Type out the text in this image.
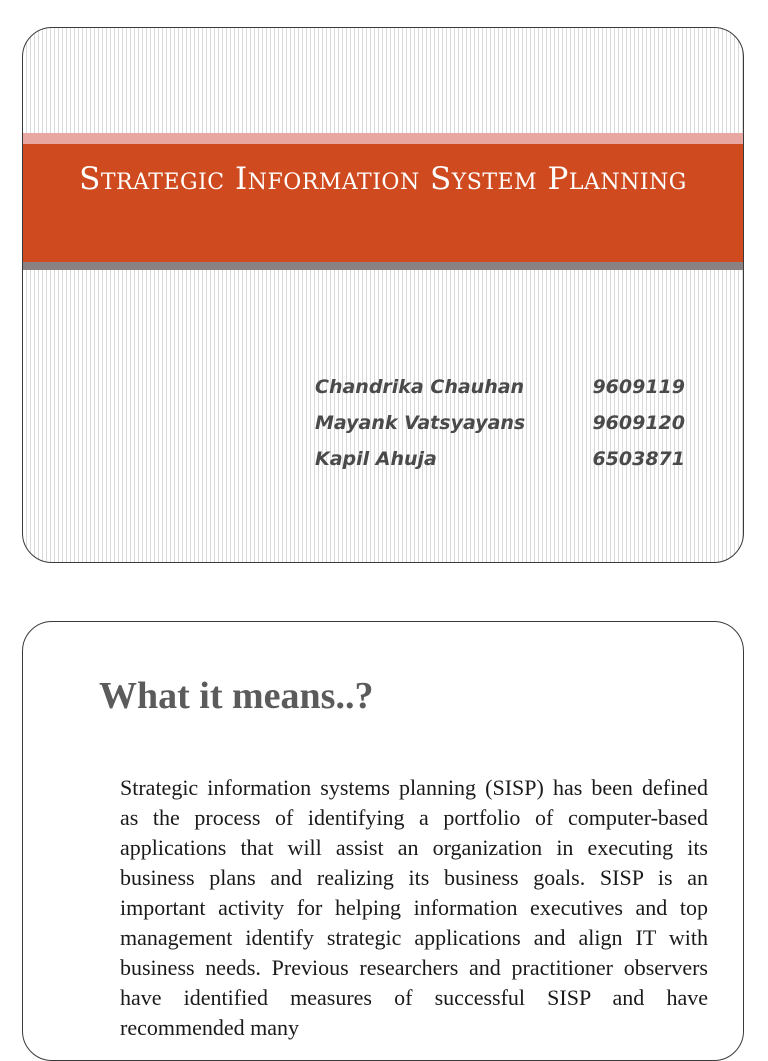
Strategic Information System Planning
Chandrika Chauhan	9609119
Mayank Vatsyayans	9609120
Kapil Ahuja	6503871
What it means..?
Strategic information systems planning (SISP) has been defined    as the process of identifying a portfolio of computer-based applications that will assist an organization in executing its business plans and realizing its business goals. SISP is an important activity for helping information executives and top management identify strategic applications and align IT with business needs. Previous researchers and practitioner observers have identified measures of successful SISP and have recommended many
